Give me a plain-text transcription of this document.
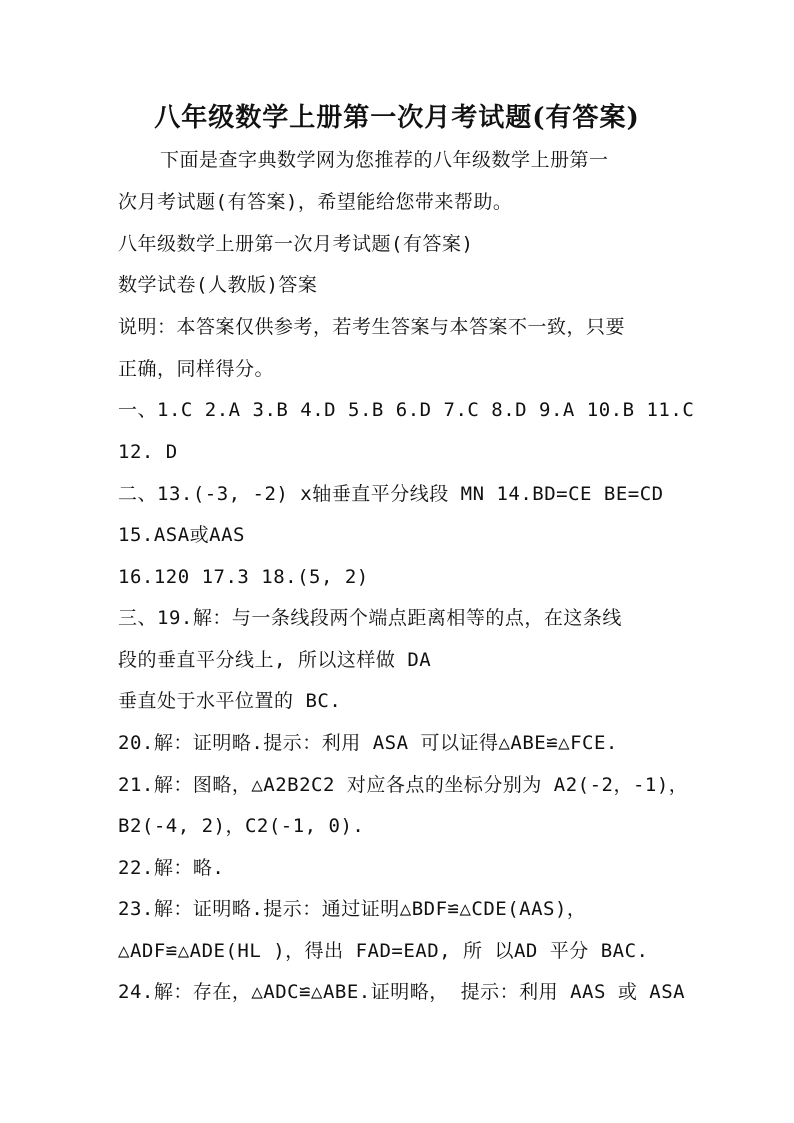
八年级数学上册第一次月考试题(有答案)
下面是查字典数学网为您推荐的八年级数学上册第一
次月考试题(有答案)，希望能给您带来帮助。
八年级数学上册第一次月考试题(有答案)
数学试卷(人教版)答案
说明：本答案仅供参考，若考生答案与本答案不一致，只要
正确，同样得分。
一、1.C 2.A 3.B 4.D 5.B 6.D 7.C 8.D 9.A 10.B 11.C
12. D
二、13.(-3, -2) x轴垂直平分线段 MN 14.BD=CE BE=CD
15.ASA或AAS
16.120 17.3 18.(5, 2)
三、19.解：与一条线段两个端点距离相等的点，在这条线
段的垂直平分线上, 所以这样做 DA
垂直处于水平位置的 BC.
20.解：证明略.提示：利用 ASA 可以证得△ABE≌△FCE.
21.解：图略，△A2B2C2 对应各点的坐标分别为 A2(-2，-1)，
B2(-4, 2)，C2(-1, 0).
22.解：略.
23.解：证明略.提示：通过证明△BDF≌△CDE(AAS)，
△ADF≌△ADE(HL )，得出 FAD=EAD, 所 以AD 平分 BAC.
24.解：存在，△ADC≌△ABE.证明略， 提示：利用 AAS 或 ASA
